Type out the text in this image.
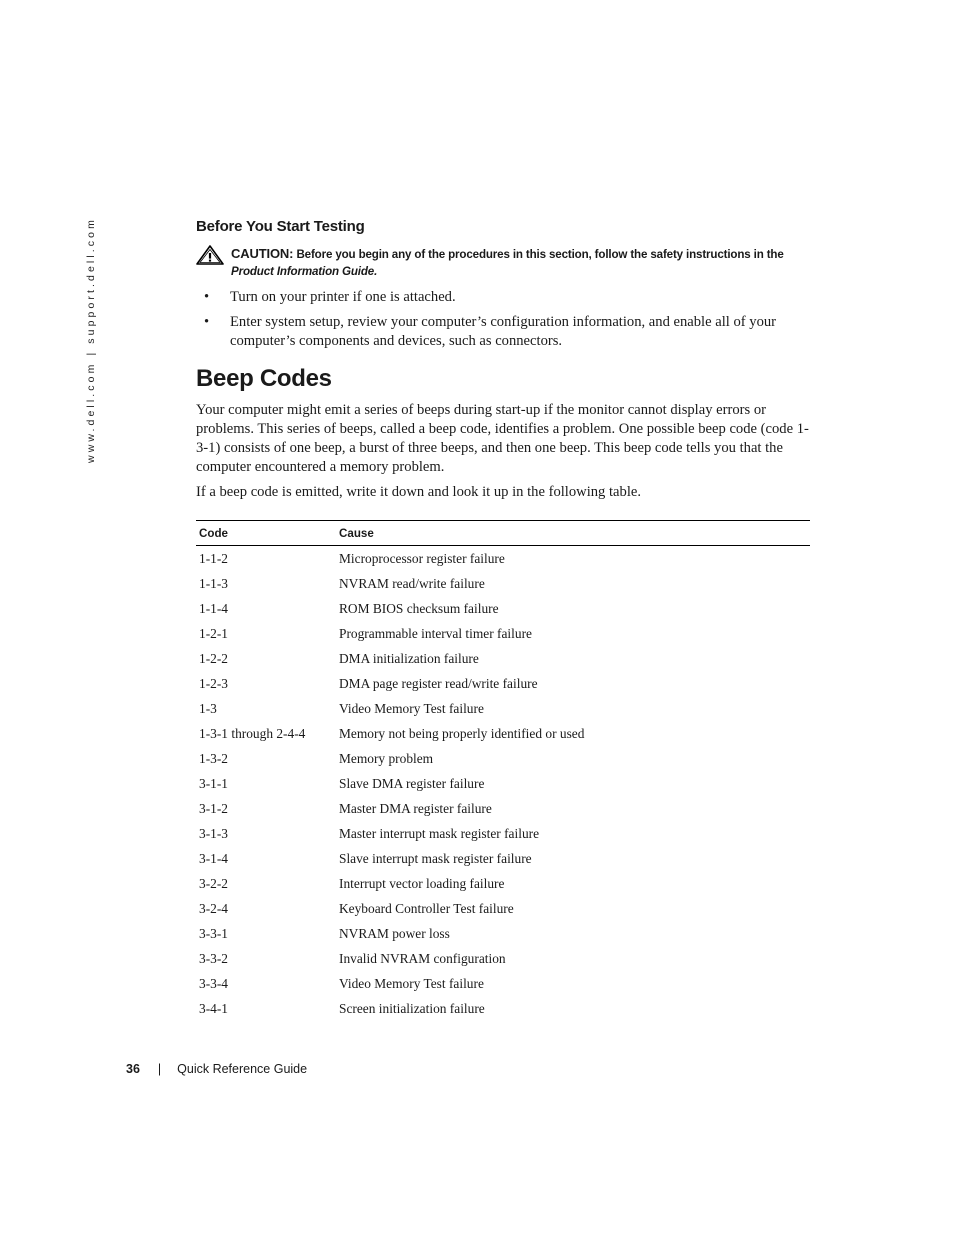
www.dell.com | support.dell.com	Before You Start Testing
CAUTION: Before you begin any of the procedures in this section, follow the safety instructions in the
Product Information Guide.
• Turn on your printer if one is attached.
• Enter system setup, review your computer’s configuration information, and enable all of your computer’s components and devices, such as connectors.
Beep Codes

Your computer might emit a series of beeps during start-up if the monitor cannot display errors or problems. This series of beeps, called a beep code, identifies a problem. One possible beep code (code 1-3-1) consists of one beep, a burst of three beeps, and then one beep. This beep code tells you that the computer encountered a memory problem.

If a beep code is emitted, write it down and look it up in the following table.

Code	Cause
1-1-2	Microprocessor register failure
1-1-3	NVRAM read/write failure
1-1-4	ROM BIOS checksum failure
1-2-1	Programmable interval timer failure
1-2-2	DMA initialization failure
1-2-3	DMA page register read/write failure
1-3	Video Memory Test failure
1-3-1 through 2-4-4	Memory not being properly identified or used
1-3-2	Memory problem
3-1-1	Slave DMA register failure
3-1-2	Master DMA register failure
3-1-3	Master interrupt mask register failure
3-1-4	Slave interrupt mask register failure
3-2-2	Interrupt vector loading failure
3-2-4	Keyboard Controller Test failure
3-3-1	NVRAM power loss
3-3-2	Invalid NVRAM configuration
3-3-4	Video Memory Test failure
3-4-1	Screen initialization failure
36 | Quick Reference Guide
